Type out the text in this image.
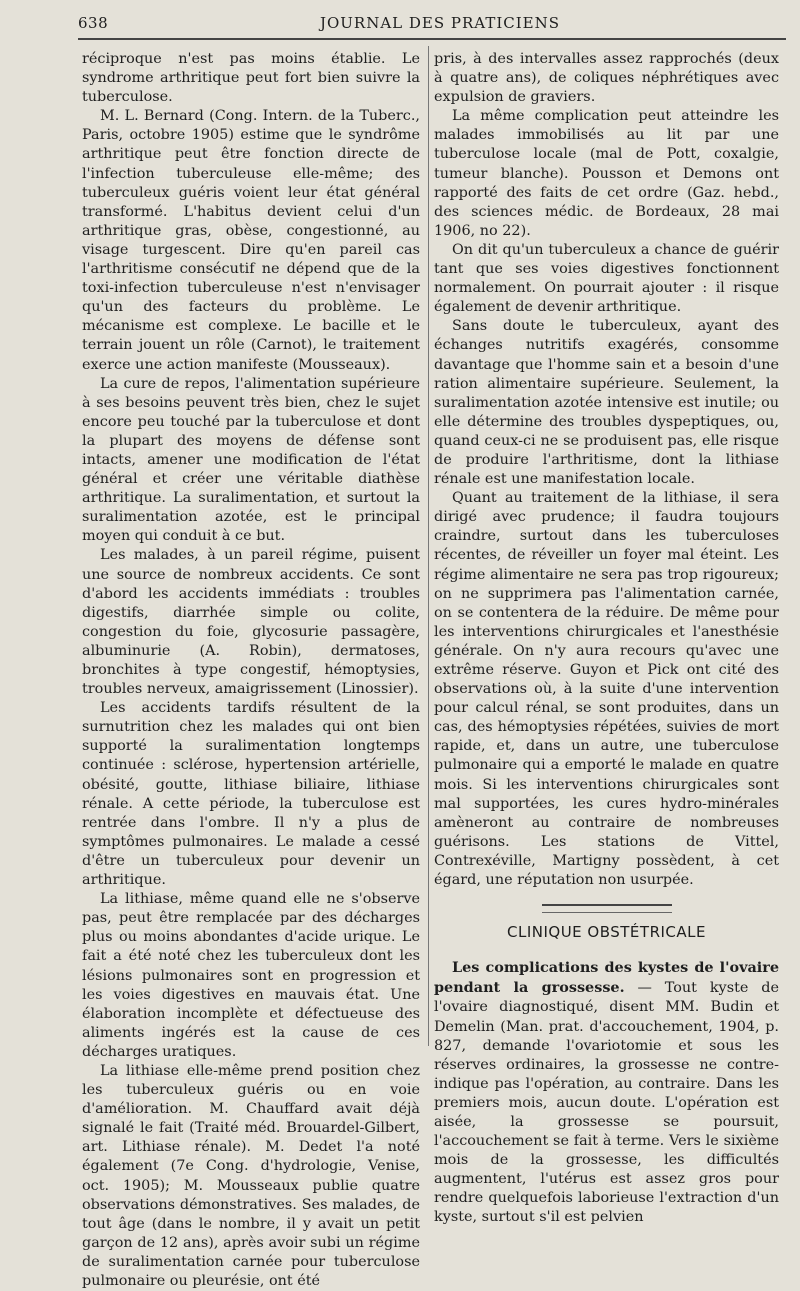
638	JOURNAL DES PRATICIENS

réciproque n'est pas moins établie. Le syndrome arthritique peut fort bien suivre la tuberculose.

M. L. Bernard (Cong. Intern. de la Tuberc., Paris, octobre 1905) estime que le syndrôme arthritique peut être fonction directe de l'infection tuberculeuse elle-même; des tuberculeux guéris voient leur état général transformé. L'habitus devient celui d'un arthritique gras, obèse, congestionné, au visage turgescent. Dire qu'en pareil cas l'arthritisme consécutif ne dépend que de la toxi-infection tuberculeuse n'est n'envisager qu'un des facteurs du problème. Le mécanisme est complexe. Le bacille et le terrain jouent un rôle (Carnot), le traitement exerce une action manifeste (Mousseaux).

La cure de repos, l'alimentation supérieure à ses besoins peuvent très bien, chez le sujet encore peu touché par la tuberculose et dont la plupart des moyens de défense sont intacts, amener une modification de l'état général et créer une véritable diathèse arthritique. La suralimentation, et surtout la suralimentation azotée, est le principal moyen qui conduit à ce but.

Les malades, à un pareil régime, puisent une source de nombreux accidents. Ce sont d'abord les accidents immédiats : troubles digestifs, diarrhée simple ou colite, congestion du foie, glycosurie passagère, albuminurie (A. Robin), dermatoses, bronchites à type congestif, hémoptysies, troubles nerveux, amaigrissement (Linossier).

Les accidents tardifs résultent de la surnutrition chez les malades qui ont bien supporté la suralimentation longtemps continuée : sclérose, hypertension artérielle, obésité, goutte, lithiase biliaire, lithiase rénale. A cette période, la tuberculose est rentrée dans l'ombre. Il n'y a plus de symptômes pulmonaires. Le malade a cessé d'être un tuberculeux pour devenir un arthritique.

La lithiase, même quand elle ne s'observe pas, peut être remplacée par des décharges plus ou moins abondantes d'acide urique. Le fait a été noté chez les tuberculeux dont les lésions pulmonaires sont en progression et les voies digestives en mauvais état. Une élaboration incomplète et défectueuse des aliments ingérés est la cause de ces décharges uratiques.

La lithiase elle-même prend position chez les tuberculeux guéris ou en voie d'amélioration. M. Chauffard avait déjà signalé le fait (Traité méd. Brouardel-Gilbert, art. Lithiase rénale). M. Dedet l'a noté également (7e Cong. d'hydrologie, Venise, oct. 1905); M. Mousseaux publie quatre observations démonstratives. Ses malades, de tout âge (dans le nombre, il y avait un petit garçon de 12 ans), après avoir subi un régime de suralimentation carnée pour tuberculose pulmonaire ou pleurésie, ont été

pris, à des intervalles assez rapprochés (deux à quatre ans), de coliques néphrétiques avec expulsion de graviers.

La même complication peut atteindre les malades immobilisés au lit par une tuberculose locale (mal de Pott, coxalgie, tumeur blanche). Pousson et Demons ont rapporté des faits de cet ordre (Gaz. hebd., des sciences médic. de Bordeaux, 28 mai 1906, no 22).

On dit qu'un tuberculeux a chance de guérir tant que ses voies digestives fonctionnent normalement. On pourrait ajouter : il risque également de devenir arthritique.

Sans doute le tuberculeux, ayant des échanges nutritifs exagérés, consomme davantage que l'homme sain et a besoin d'une ration alimentaire supérieure. Seulement, la suralimentation azotée intensive est inutile; ou elle détermine des troubles dyspeptiques, ou, quand ceux-ci ne se produisent pas, elle risque de produire l'arthritisme, dont la lithiase rénale est une manifestation locale.

Quant au traitement de la lithiase, il sera dirigé avec prudence; il faudra toujours craindre, surtout dans les tuberculoses récentes, de réveiller un foyer mal éteint. Les régime alimentaire ne sera pas trop rigoureux; on ne supprimera pas l'alimentation carnée, on se contentera de la réduire. De même pour les interventions chirurgicales et l'anesthésie générale. On n'y aura recours qu'avec une extrême réserve. Guyon et Pick ont cité des observations où, à la suite d'une intervention pour calcul rénal, se sont produites, dans un cas, des hémoptysies répétées, suivies de mort rapide, et, dans un autre, une tuberculose pulmonaire qui a emporté le malade en quatre mois. Si les interventions chirurgicales sont mal supportées, les cures hydro-minérales amèneront au contraire de nombreuses guérisons. Les stations de Vittel, Contrexéville, Martigny possèdent, à cet égard, une réputation non usurpée.

CLINIQUE OBSTÉTRICALE

Les complications des kystes de l'ovaire pendant la grossesse. — Tout kyste de l'ovaire diagnostiqué, disent MM. Budin et Demelin (Man. prat. d'accouchement, 1904, p. 827, demande l'ovariotomie et sous les réserves ordinaires, la grossesse ne contre-indique pas l'opération, au contraire. Dans les premiers mois, aucun doute. L'opération est aisée, la grossesse se poursuit, l'accouchement se fait à terme. Vers le sixième mois de la grossesse, les difficultés augmentent, l'utérus est assez gros pour rendre quelquefois laborieuse l'extraction d'un kyste, surtout s'il est pelvien
